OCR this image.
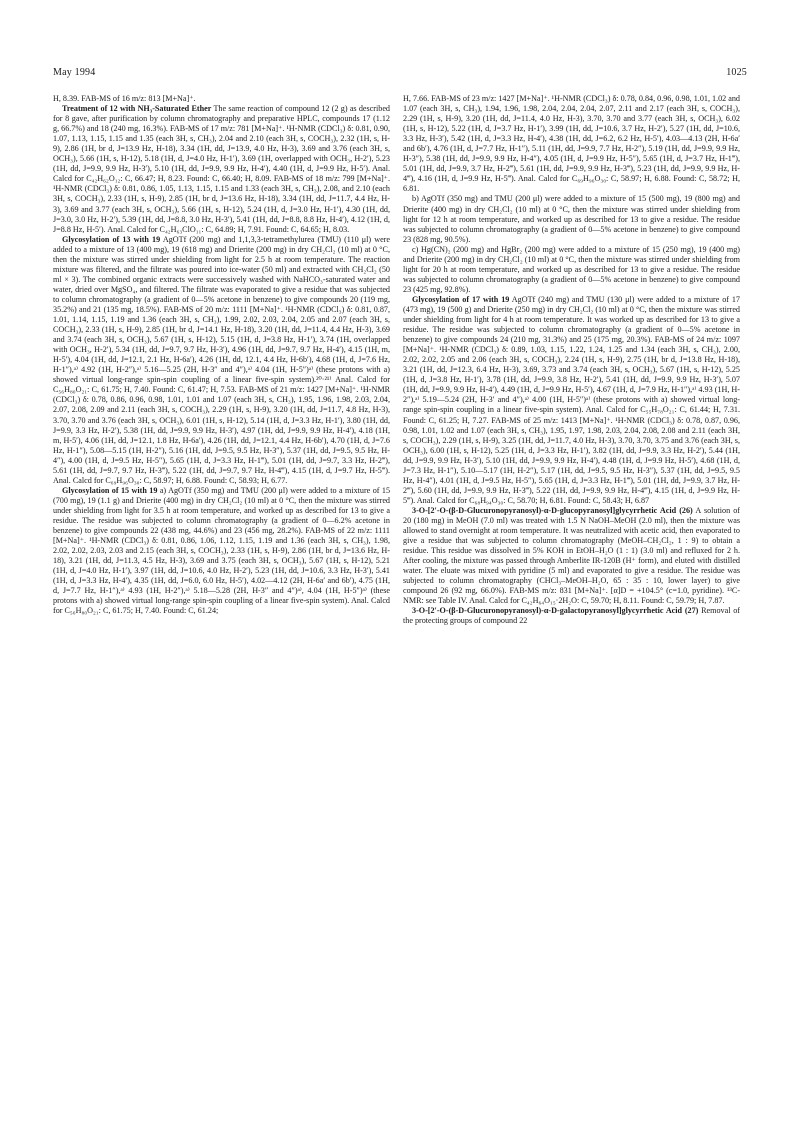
May 1994	1025

H, 8.39. FAB-MS of 16 m/z: 813 [M+Na]⁺.

Treatment of 12 with NH₃-Saturated Ether The same reaction of compound 12 (2 g) as described for 8 gave, after purification by column chromatography and preparative HPLC, compounds 17 (1.12 g, 66.7%) and 18 (240 mg, 16.3%). FAB-MS of 17 m/z: 781 [M+Na]⁺. ¹H-NMR (CDCl₃) δ: 0.81, 0.90, 1.07, 1.13, 1.15, 1.15 and 1.35 (each 3H, s, CH₃), 2.04 and 2.10 (each 3H, s, COCH₃), 2.32 (1H, s, H-9), 2.86 (1H, br d, J=13.9 Hz, H-18), 3.34 (1H, dd, J=13.9, 4.0 Hz, H-3), 3.69 and 3.76 (each 3H, s, OCH₃), 5.66 (1H, s, H-12), 5.18 (1H, d, J=4.0 Hz, H-1′), 3.69 (1H, overlapped with OCH₃, H-2′), 5.23 (1H, dd, J=9.9, 9.9 Hz, H-3′), 5.10 (1H, dd, J=9.9, 9.9 Hz, H-4′), 4.40 (1H, d, J=9.9 Hz, H-5′). Anal. Calcd for C₄₂H₆₂O₁₂: C, 66.47; H, 8.23. Found: C, 66.40; H, 8.09. FAB-MS of 18 m/z: 799 [M+Na]⁺. ¹H-NMR (CDCl₃) δ: 0.81, 0.86, 1.05, 1.13, 1.15, 1.15 and 1.33 (each 3H, s, CH₃), 2.08, and 2.10 (each 3H, s, COCH₃), 2.33 (1H, s, H-9), 2.85 (1H, br d, J=13.6 Hz, H-18), 3.34 (1H, dd, J=11.7, 4.4 Hz, H-3), 3.69 and 3.77 (each 3H, s, OCH₃), 5.66 (1H, s, H-12), 5.24 (1H, d, J=3.0 Hz, H-1′), 4.30 (1H, dd, J=3.0, 3.0 Hz, H-2′), 5.39 (1H, dd, J=8.8, 3.0 Hz, H-3′), 5.41 (1H, dd, J=8.8, 8.8 Hz, H-4′), 4.12 (1H, d, J=8.8 Hz, H-5′). Anal. Calcd for C₄₂H₆₃ClO₁₁: C, 64.89; H, 7.91. Found: C, 64.65; H, 8.03.

Glycosylation of 13 with 19 AgOTf (200 mg) and 1,1,3,3-tetramethylurea (TMU) (110 μl) were added to a mixture of 13 (400 mg), 19 (618 mg) and Drierite (200 mg) in dry CH₂Cl₂ (10 ml) at 0 °C, then the mixture was stirred under shielding from light for 2.5 h at room temperature. The reaction mixture was filtered, and the filtrate was poured into ice-water (50 ml) and extracted with CH₂Cl₂ (50 ml × 3). The combined organic extracts were successively washed with NaHCO₃-saturated water and water, dried over MgSO₄, and filtered. The filtrate was evaporated to give a residue that was subjected to column chromatography (a gradient of 0—5% acetone in benzene) to give compounds 20 (119 mg, 35.2%) and 21 (135 mg, 18.5%). FAB-MS of 20 m/z: 1111 [M+Na]⁺. ¹H-NMR (CDCl₃) δ: 0.81, 0.87, 1.01, 1.14, 1.15, 1.19 and 1.36 (each 3H, s, CH₃), 1.99, 2.02, 2.03, 2.04, 2.05 and 2.07 (each 3H, s, COCH₃), 2.33 (1H, s, H-9), 2.85 (1H, br d, J=14.1 Hz, H-18), 3.20 (1H, dd, J=11.4, 4.4 Hz, H-3), 3.69 and 3.74 (each 3H, s, OCH₃), 5.67 (1H, s, H-12), 5.15 (1H, d, J=3.8 Hz, H-1′), 3.74 (1H, overlapped with OCH₃, H-2′), 5.34 (1H, dd, J=9.7, 9.7 Hz, H-3′), 4.96 (1H, dd, J=9.7, 9.7 Hz, H-4′), 4.15 (1H, m, H-5′), 4.04 (1H, dd, J=12.1, 2.1 Hz, H-6a′), 4.26 (1H, dd, 12.1, 4.4 Hz, H-6b′), 4.68 (1H, d, J=7.6 Hz, H-1″),ᵃ⁾ 4.92 (1H, H-2″),ᵃ⁾ 5.16—5.25 (2H, H-3″ and 4″),ᵃ⁾ 4.04 (1H, H-5″)ᵃ⁾ (these protons with a) showed virtual long-range spin-spin coupling of a linear five-spin system).²⁰·²¹⁾ Anal. Calcd for C₅₆H₈₀O₂₁: C, 61.75; H, 7.40. Found: C, 61.47; H, 7.53. FAB-MS of 21 m/z: 1427 [M+Na]⁺. ¹H-NMR (CDCl₃) δ: 0.78, 0.86, 0.96, 0.98, 1.01, 1.01 and 1.07 (each 3H, s, CH₃), 1.95, 1.96, 1.98, 2.03, 2.04, 2.07, 2.08, 2.09 and 2.11 (each 3H, s, COCH₃), 2.29 (1H, s, H-9), 3.20 (1H, dd, J=11.7, 4.8 Hz, H-3), 3.70, 3.70 and 3.76 (each 3H, s, OCH₃), 6.01 (1H, s, H-12), 5.14 (1H, d, J=3.3 Hz, H-1′), 3.80 (1H, dd, J=9.9, 3.3 Hz, H-2′), 5.38 (1H, dd, J=9.9, 9.9 Hz, H-3′), 4.97 (1H, dd, J=9.9, 9.9 Hz, H-4′), 4.18 (1H, m, H-5′), 4.06 (1H, dd, J=12.1, 1.8 Hz, H-6a′), 4.26 (1H, dd, J=12.1, 4.4 Hz, H-6b′), 4.70 (1H, d, J=7.6 Hz, H-1″), 5.08—5.15 (1H, H-2″), 5.16 (1H, dd, J=9.5, 9.5 Hz, H-3″), 5.37 (1H, dd, J=9.5, 9.5 Hz, H-4″), 4.00 (1H, d, J=9.5 Hz, H-5″), 5.65 (1H, d, J=3.3 Hz, H-1‴), 5.01 (1H, dd, J=9.7, 3.3 Hz, H-2‴), 5.61 (1H, dd, J=9.7, 9.7 Hz, H-3‴), 5.22 (1H, dd, J=9.7, 9.7 Hz, H-4‴), 4.15 (1H, d, J=9.7 Hz, H-5‴). Anal. Calcd for C₆₉H₉₆O₃₀: C, 58.97; H, 6.88. Found: C, 58.93; H, 6.77.

Glycosylation of 15 with 19 a) AgOTf (350 mg) and TMU (200 μl) were added to a mixture of 15 (700 mg), 19 (1.1 g) and Drierite (400 mg) in dry CH₂Cl₂ (10 ml) at 0 °C, then the mixture was stirred under shielding from light for 3.5 h at room temperature, and worked up as described for 13 to give a residue. The residue was subjected to column chromatography (a gradient of 0—6.2% acetone in benzene) to give compounds 22 (438 mg, 44.6%) and 23 (456 mg, 28.2%). FAB-MS of 22 m/z: 1111 [M+Na]⁺. ¹H-NMR (CDCl₃) δ: 0.81, 0.86, 1.06, 1.12, 1.15, 1.19 and 1.36 (each 3H, s, CH₃), 1.98, 2.02, 2.02, 2.03, 2.03 and 2.15 (each 3H, s, COCH₃), 2.33 (1H, s, H-9), 2.86 (1H, br d, J=13.6 Hz, H-18), 3.21 (1H, dd, J=11.3, 4.5 Hz, H-3), 3.69 and 3.75 (each 3H, s, OCH₃), 5.67 (1H, s, H-12), 5.21 (1H, d, J=4.0 Hz, H-1′), 3.97 (1H, dd, J=10.6, 4.0 Hz, H-2′), 5.23 (1H, dd, J=10.6, 3.3 Hz, H-3′), 5.41 (1H, d, J=3.3 Hz, H-4′), 4.35 (1H, dd, J=6.0, 6.0 Hz, H-5′), 4.02—4.12 (2H, H-6a′ and 6b′), 4.75 (1H, d, J=7.7 Hz, H-1″),ᵃ⁾ 4.93 (1H, H-2″),ᵃ⁾ 5.18—5.28 (2H, H-3″ and 4″)ᵃ⁾, 4.04 (1H, H-5″)ᵃ⁾ (these protons with a) showed virtual long-range spin-spin coupling of a linear five-spin system). Anal. Calcd for C₅₆H₈₀O₂₁: C, 61.75; H, 7.40. Found: C, 61.24;

H, 7.66. FAB-MS of 23 m/z: 1427 [M+Na]⁺. ¹H-NMR (CDCl₃) δ: 0.78, 0.84, 0.96, 0.98, 1.01, 1.02 and 1.07 (each 3H, s, CH₃), 1.94, 1.96, 1.98, 2.04, 2.04, 2.04, 2.07, 2.11 and 2.17 (each 3H, s, COCH₃), 2.29 (1H, s, H-9), 3.20 (1H, dd, J=11.4, 4.0 Hz, H-3), 3.70, 3.70 and 3.77 (each 3H, s, OCH₃), 6.02 (1H, s, H-12), 5.22 (1H, d, J=3.7 Hz, H-1′), 3.99 (1H, dd, J=10.6, 3.7 Hz, H-2′), 5.27 (1H, dd, J=10.6, 3.3 Hz, H-3′), 5.42 (1H, d, J=3.3 Hz, H-4′), 4.38 (1H, dd, J=6.2, 6.2 Hz, H-5′), 4.03—4.13 (2H, H-6a′ and 6b′), 4.76 (1H, d, J=7.7 Hz, H-1″), 5.11 (1H, dd, J=9.9, 7.7 Hz, H-2″), 5.19 (1H, dd, J=9.9, 9.9 Hz, H-3″), 5.38 (1H, dd, J=9.9, 9.9 Hz, H-4″), 4.05 (1H, d, J=9.9 Hz, H-5″), 5.65 (1H, d, J=3.7 Hz, H-1‴), 5.01 (1H, dd, J=9.9, 3.7 Hz, H-2‴), 5.61 (1H, dd, J=9.9, 9.9 Hz, H-3‴), 5.23 (1H, dd, J=9.9, 9.9 Hz, H-4‴), 4.16 (1H, d, J=9.9 Hz, H-5‴). Anal. Calcd for C₆₉H₉₆O₃₀: C, 58.97; H, 6.88. Found: C, 58.72; H, 6.81.

b) AgOTf (350 mg) and TMU (200 μl) were added to a mixture of 15 (500 mg), 19 (800 mg) and Drierite (400 mg) in dry CH₂Cl₂ (10 ml) at 0 °C, then the mixture was stirred under shielding from light for 12 h at room temperature, and worked up as described for 13 to give a residue. The residue was subjected to column chromatography (a gradient of 0—5% acetone in benzene) to give compound 23 (828 mg, 90.5%).

c) Hg(CN)₂ (200 mg) and HgBr₂ (200 mg) were added to a mixture of 15 (250 mg), 19 (400 mg) and Drierite (200 mg) in dry CH₂Cl₂ (10 ml) at 0 °C, then the mixture was stirred under shielding from light for 20 h at room temperature, and worked up as described for 13 to give a residue. The residue was subjected to column chromatography (a gradient of 0—5% acetone in benzene) to give compound 23 (425 mg, 92.8%).

Glycosylation of 17 with 19 AgOTf (240 mg) and TMU (130 μl) were added to a mixture of 17 (473 mg), 19 (500 g) and Drierite (250 mg) in dry CH₂Cl₂ (10 ml) at 0 °C, then the mixture was stirred under shielding from light for 4 h at room temperature. It was worked up as described for 13 to give a residue. The residue was subjected to column chromatography (a gradient of 0—5% acetone in benzene) to give compounds 24 (210 mg, 31.3%) and 25 (175 mg, 20.3%). FAB-MS of 24 m/z: 1097 [M+Na]⁺. ¹H-NMR (CDCl₃) δ: 0.89, 1.03, 1.15, 1.22, 1.24, 1.25 and 1.34 (each 3H, s, CH₃), 2.00, 2.02, 2.02, 2.05 and 2.06 (each 3H, s, COCH₃), 2.24 (1H, s, H-9), 2.75 (1H, br d, J=13.8 Hz, H-18), 3.21 (1H, dd, J=12.3, 6.4 Hz, H-3), 3.69, 3.73 and 3.74 (each 3H, s, OCH₃), 5.67 (1H, s, H-12), 5.25 (1H, d, J=3.8 Hz, H-1′), 3.78 (1H, dd, J=9.9, 3.8 Hz, H-2′), 5.41 (1H, dd, J=9.9, 9.9 Hz, H-3′), 5.07 (1H, dd, J=9.9, 9.9 Hz, H-4′), 4.49 (1H, d, J=9.9 Hz, H-5′), 4.67 (1H, d, J=7.9 Hz, H-1″),ᵃ⁾ 4.93 (1H, H-2″),ᵃ⁾ 5.19—5.24 (2H, H-3′ and 4″),ᵃ⁾ 4.00 (1H, H-5″)ᵃ⁾ (these protons with a) showed virtual long-range spin-spin coupling in a linear five-spin system). Anal. Calcd for C₅₅H₇₈O₂₁: C, 61.44; H, 7.31. Found: C, 61.25; H, 7.27. FAB-MS of 25 m/z: 1413 [M+Na]⁺. ¹H-NMR (CDCl₃) δ: 0.78, 0.87, 0.96, 0.98, 1.01, 1.02 and 1.07 (each 3H, s, CH₃), 1.95, 1.97, 1.98, 2.03, 2.04, 2.08, 2.08 and 2.11 (each 3H, s, COCH₃), 2.29 (1H, s, H-9), 3.25 (1H, dd, J=11.7, 4.0 Hz, H-3), 3.70, 3.70, 3.75 and 3.76 (each 3H, s, OCH₃), 6.00 (1H, s, H-12), 5.25 (1H, d, J=3.3 Hz, H-1′), 3.82 (1H, dd, J=9.9, 3.3 Hz, H-2′), 5.44 (1H, dd, J=9.9, 9.9 Hz, H-3′), 5.10 (1H, dd, J=9.9, 9.9 Hz, H-4′), 4.48 (1H, d, J=9.9 Hz, H-5′), 4.68 (1H, d, J=7.3 Hz, H-1″), 5.10—5.17 (1H, H-2″), 5.17 (1H, dd, J=9.5, 9.5 Hz, H-3″), 5.37 (1H, dd, J=9.5, 9.5 Hz, H-4″), 4.01 (1H, d, J=9.5 Hz, H-5″), 5.65 (1H, d, J=3.3 Hz, H-1‴), 5.01 (1H, dd, J=9.9, 3.7 Hz, H-2‴), 5.60 (1H, dd, J=9.9, 9.9 Hz, H-3‴), 5.22 (1H, dd, J=9.9, 9.9 Hz, H-4‴), 4.15 (1H, d, J=9.9 Hz, H-5‴). Anal. Calcd for C₆₈H₉₄O₃₀: C, 58.70; H, 6.81. Found: C, 58.43; H, 6.87

3-O-[2′-O-(β-D-Glucuronopyranosyl)-α-D-glucopyranosyl]glycyrrhetic Acid (26) A solution of 20 (180 mg) in MeOH (7.0 ml) was treated with 1.5 N NaOH–MeOH (2.0 ml), then the mixture was allowed to stand overnight at room temperature. It was neutralized with acetic acid, then evaporated to give a residue that was subjected to column chromatography (MeOH–CH₂Cl₂, 1 : 9) to obtain a residue. This residue was dissolved in 5% KOH in EtOH–H₂O (1 : 1) (3.0 ml) and refluxed for 2 h. After cooling, the mixture was passed through Amberlite IR-120B (H⁺ form), and eluted with distilled water. The eluate was mixed with pyridine (5 ml) and evaporated to give a residue. The residue was subjected to column chromatography (CHCl₃–MeOH–H₂O, 65 : 35 : 10, lower layer) to give compound 26 (92 mg, 66.0%). FAB-MS m/z: 831 [M+Na]⁺. [α]D = +104.5° (c=1.0, pyridine). ¹³C-NMR: see Table IV. Anal. Calcd for C₄₂H₆₄O₁₅·2H₂O: C, 59.70; H, 8.11. Found: C, 59.79; H, 7.87.

3-O-[2′-O-(β-D-Glucuronopyranosyl)-α-D-galactopyranosyl]glycyrrhetic Acid (27) Removal of the protecting groups of compound 22
